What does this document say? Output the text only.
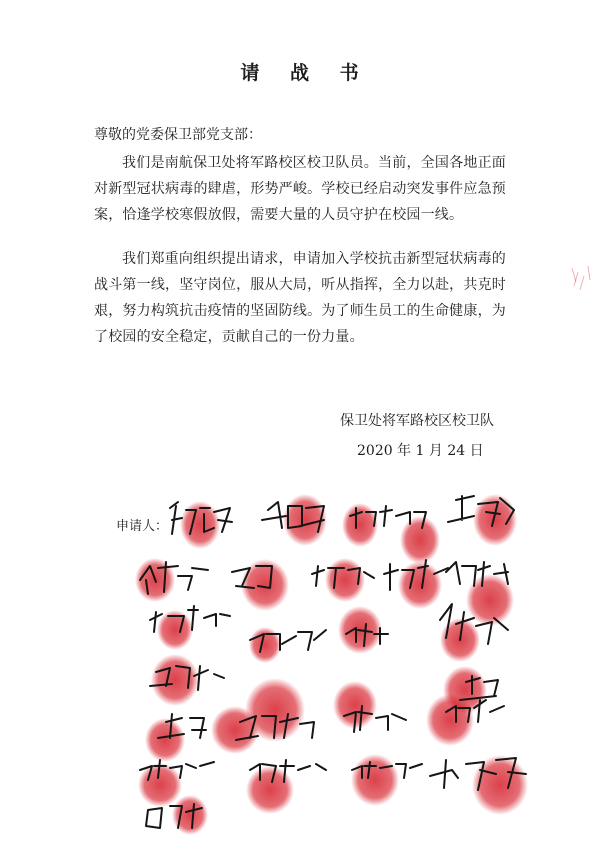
请 战 书
尊敬的党委保卫部党支部：
我们是南航保卫处将军路校区校卫队员。当前，全国各地正面对新型冠状病毒的肆虐，形势严峻。学校已经启动突发事件应急预案，恰逢学校寒假放假，需要大量的人员守护在校园一线。
我们郑重向组织提出请求，申请加入学校抗击新型冠状病毒的战斗第一线，坚守岗位，服从大局，听从指挥，全力以赴，共克时艰，努力构筑抗击疫情的坚固防线。为了师生员工的生命健康，为了校园的安全稳定，贡献自己的一份力量。
保卫处将军路校区校卫队
2020 年 1 月 24 日
申请人：
